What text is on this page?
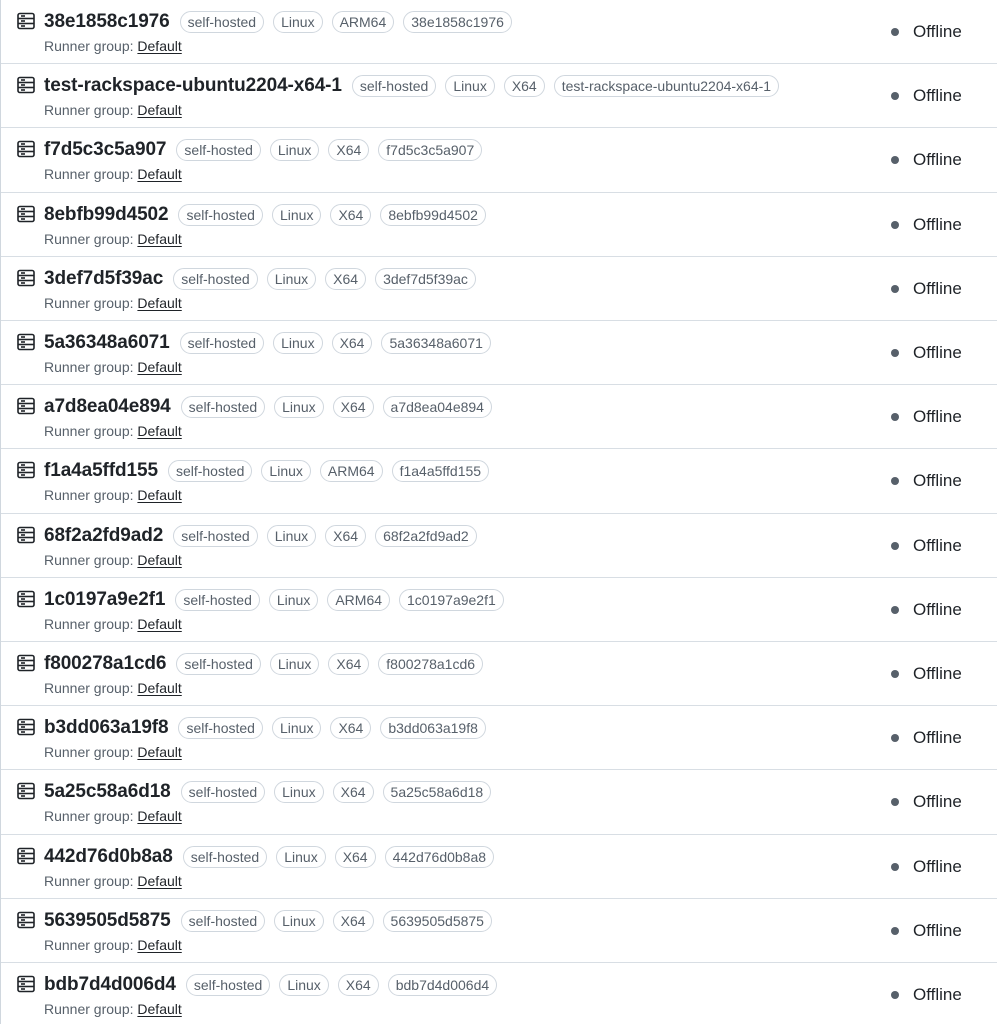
38e1858c1976	self-hosted	Linux	ARM64	38e1858c1976
Runner group: Default
Offline
test-rackspace-ubuntu2204-x64-1	self-hosted	Linux	X64	test-rackspace-ubuntu2204-x64-1
Runner group: Default
Offline
f7d5c3c5a907	self-hosted	Linux	X64	f7d5c3c5a907
Runner group: Default
Offline
8ebfb99d4502	self-hosted	Linux	X64	8ebfb99d4502
Runner group: Default
Offline
3def7d5f39ac	self-hosted	Linux	X64	3def7d5f39ac
Runner group: Default
Offline
5a36348a6071	self-hosted	Linux	X64	5a36348a6071
Runner group: Default
Offline
a7d8ea04e894	self-hosted	Linux	X64	a7d8ea04e894
Runner group: Default
Offline
f1a4a5ffd155	self-hosted	Linux	ARM64	f1a4a5ffd155
Runner group: Default
Offline
68f2a2fd9ad2	self-hosted	Linux	X64	68f2a2fd9ad2
Runner group: Default
Offline
1c0197a9e2f1	self-hosted	Linux	ARM64	1c0197a9e2f1
Runner group: Default
Offline
f800278a1cd6	self-hosted	Linux	X64	f800278a1cd6
Runner group: Default
Offline
b3dd063a19f8	self-hosted	Linux	X64	b3dd063a19f8
Runner group: Default
Offline
5a25c58a6d18	self-hosted	Linux	X64	5a25c58a6d18
Runner group: Default
Offline
442d76d0b8a8	self-hosted	Linux	X64	442d76d0b8a8
Runner group: Default
Offline
5639505d5875	self-hosted	Linux	X64	5639505d5875
Runner group: Default
Offline
bdb7d4d006d4	self-hosted	Linux	X64	bdb7d4d006d4
Runner group: Default
Offline
